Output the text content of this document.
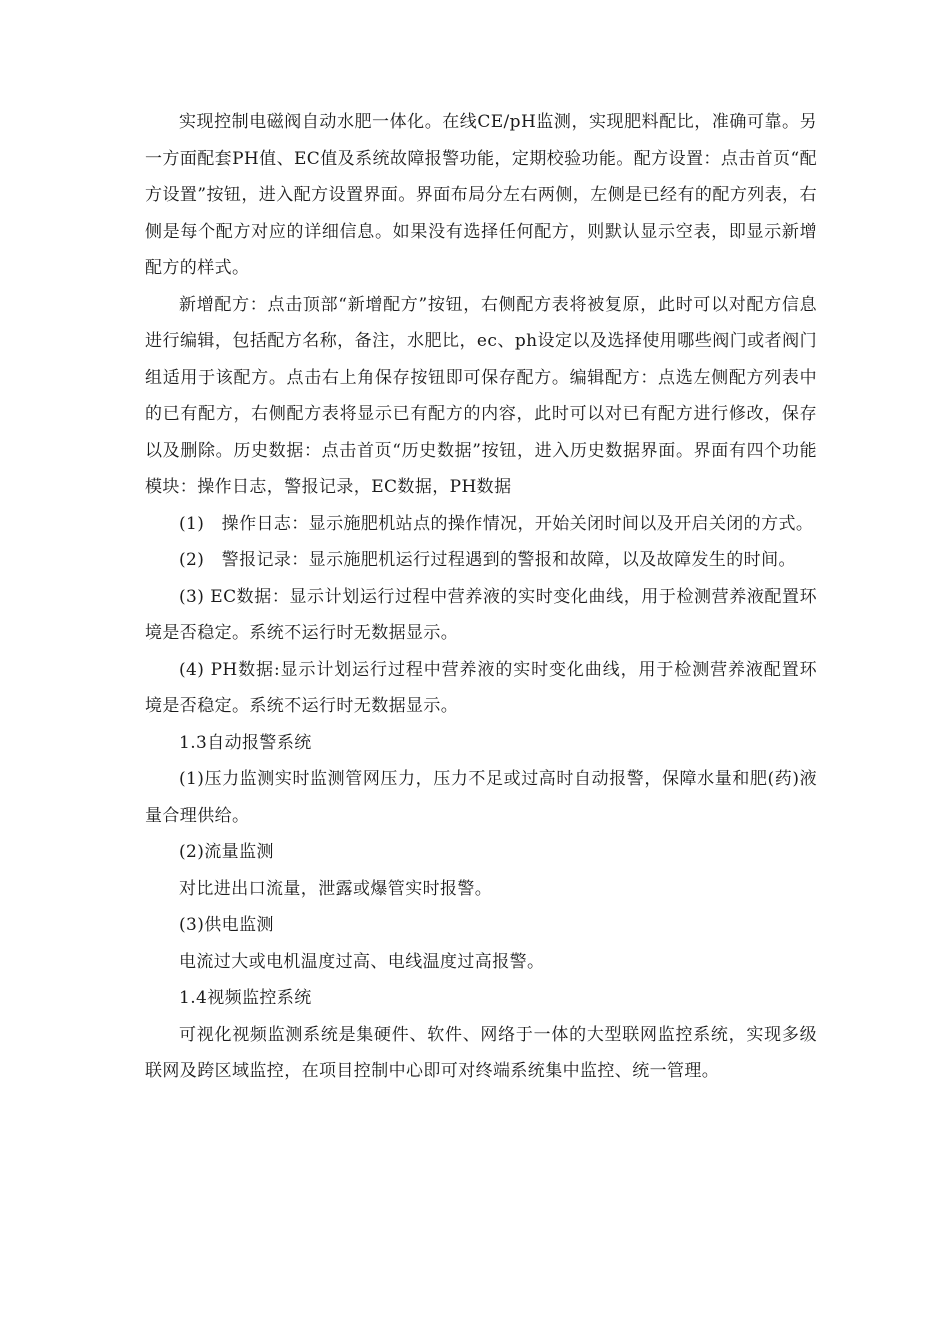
实现控制电磁阀自动水肥一体化。在线CE/pH监测，实现肥料配比，准确可靠。另一方面配套PH值、EC值及系统故障报警功能，定期校验功能。配方设置：点击首页“配方设置”按钮，进入配方设置界面。界面布局分左右两侧，左侧是已经有的配方列表，右侧是每个配方对应的详细信息。如果没有选择任何配方，则默认显示空表，即显示新增配方的样式。

新增配方：点击顶部“新增配方”按钮，右侧配方表将被复原，此时可以对配方信息进行编辑，包括配方名称，备注，水肥比，ec、ph设定以及选择使用哪些阀门或者阀门组适用于该配方。点击右上角保存按钮即可保存配方。编辑配方：点选左侧配方列表中的已有配方，右侧配方表将显示已有配方的内容，此时可以对已有配方进行修改，保存以及删除。历史数据：点击首页“历史数据”按钮，进入历史数据界面。界面有四个功能模块：操作日志，警报记录，EC数据，PH数据

(1)　操作日志：显示施肥机站点的操作情况，开始关闭时间以及开启关闭的方式。

(2)　警报记录：显示施肥机运行过程遇到的警报和故障，以及故障发生的时间。

(3) EC数据：显示计划运行过程中营养液的实时变化曲线，用于检测营养液配置环境是否稳定。系统不运行时无数据显示。

(4) PH数据:显示计划运行过程中营养液的实时变化曲线，用于检测营养液配置环境是否稳定。系统不运行时无数据显示。

1.3自动报警系统

(1)压力监测实时监测管网压力，压力不足或过高时自动报警，保障水量和肥(药)液量合理供给。

(2)流量监测

对比进出口流量，泄露或爆管实时报警。

(3)供电监测

电流过大或电机温度过高、电线温度过高报警。

1.4视频监控系统

可视化视频监测系统是集硬件、软件、网络于一体的大型联网监控系统，实现多级联网及跨区域监控，在项目控制中心即可对终端系统集中监控、统一管理。
